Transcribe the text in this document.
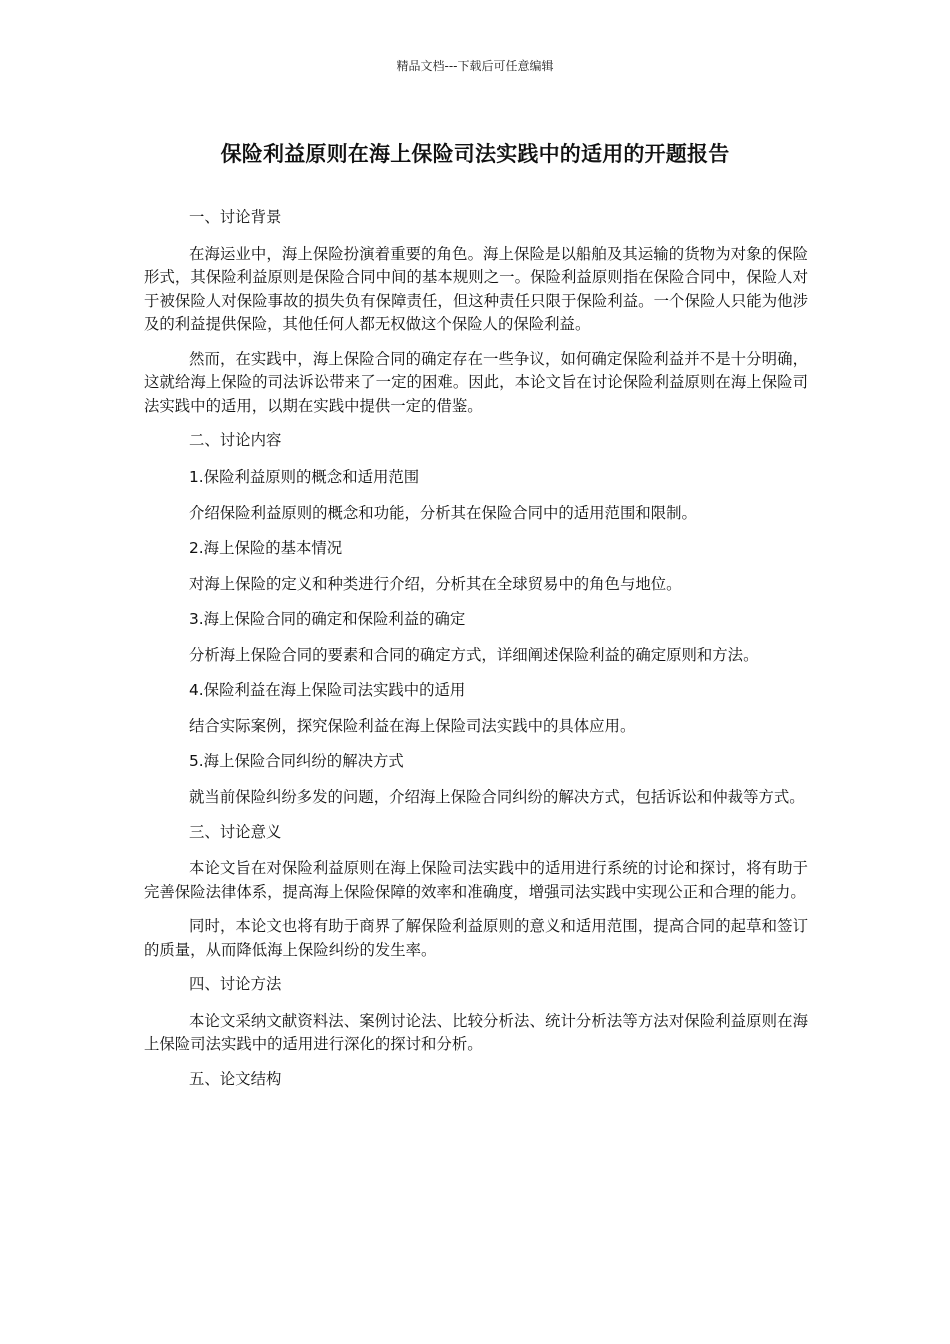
精品文档---下载后可任意编辑
保险利益原则在海上保险司法实践中的适用的开题报告

一、讨论背景

在海运业中，海上保险扮演着重要的角色。海上保险是以船舶及其运输的货物为对象的保险形式，其保险利益原则是保险合同中间的基本规则之一。保险利益原则指在保险合同中，保险人对于被保险人对保险事故的损失负有保障责任，但这种责任只限于保险利益。一个保险人只能为他涉及的利益提供保险，其他任何人都无权做这个保险人的保险利益。

然而，在实践中，海上保险合同的确定存在一些争议，如何确定保险利益并不是十分明确，这就给海上保险的司法诉讼带来了一定的困难。因此，本论文旨在讨论保险利益原则在海上保险司法实践中的适用，以期在实践中提供一定的借鉴。

二、讨论内容

1.保险利益原则的概念和适用范围

介绍保险利益原则的概念和功能，分析其在保险合同中的适用范围和限制。

2.海上保险的基本情况

对海上保险的定义和种类进行介绍，分析其在全球贸易中的角色与地位。

3.海上保险合同的确定和保险利益的确定

分析海上保险合同的要素和合同的确定方式，详细阐述保险利益的确定原则和方法。

4.保险利益在海上保险司法实践中的适用

结合实际案例，探究保险利益在海上保险司法实践中的具体应用。

5.海上保险合同纠纷的解决方式

就当前保险纠纷多发的问题，介绍海上保险合同纠纷的解决方式，包括诉讼和仲裁等方式。

三、讨论意义

本论文旨在对保险利益原则在海上保险司法实践中的适用进行系统的讨论和探讨，将有助于完善保险法律体系，提高海上保险保障的效率和准确度，增强司法实践中实现公正和合理的能力。

同时，本论文也将有助于商界了解保险利益原则的意义和适用范围，提高合同的起草和签订的质量，从而降低海上保险纠纷的发生率。

四、讨论方法

本论文采纳文献资料法、案例讨论法、比较分析法、统计分析法等方法对保险利益原则在海上保险司法实践中的适用进行深化的探讨和分析。

五、论文结构
